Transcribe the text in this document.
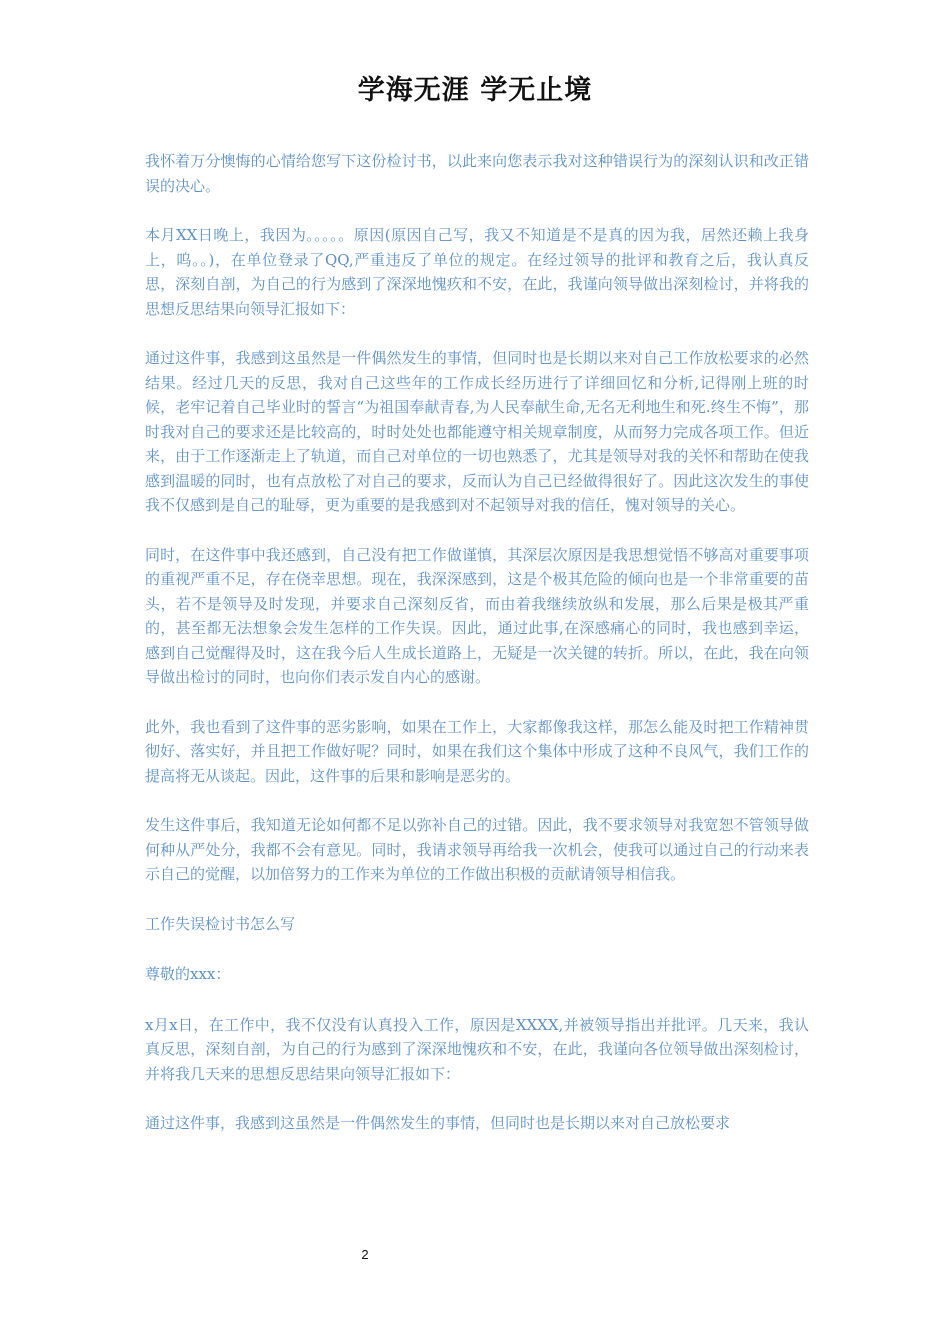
学海无涯 学无止境

我怀着万分懊悔的心情给您写下这份检讨书，以此来向您表示我对这种错误行为的深刻认识和改正错误的决心。

本月XX日晚上，我因为。。。。。原因(原因自己写，我又不知道是不是真的因为我，居然还赖上我身上，呜。。)，在单位登录了QQ,严重违反了单位的规定。在经过领导的批评和教育之后，我认真反思，深刻自剖，为自己的行为感到了深深地愧疚和不安，在此，我谨向领导做出深刻检讨，并将我的思想反思结果向领导汇报如下：

通过这件事，我感到这虽然是一件偶然发生的事情，但同时也是长期以来对自己工作放松要求的必然结果。经过几天的反思，我对自己这些年的工作成长经历进行了详细回忆和分析,记得刚上班的时候，老牢记着自己毕业时的誓言“为祖国奉献青春,为人民奉献生命,无名无利地生和死.终生不悔”，那时我对自己的要求还是比较高的，时时处处也都能遵守相关规章制度，从而努力完成各项工作。但近来，由于工作逐渐走上了轨道，而自己对单位的一切也熟悉了，尤其是领导对我的关怀和帮助在使我感到温暖的同时，也有点放松了对自己的要求，反而认为自己已经做得很好了。因此这次发生的事使我不仅感到是自己的耻辱，更为重要的是我感到对不起领导对我的信任，愧对领导的关心。

同时，在这件事中我还感到，自己没有把工作做谨慎，其深层次原因是我思想觉悟不够高对重要事项的重视严重不足，存在侥幸思想。现在，我深深感到，这是个极其危险的倾向也是一个非常重要的苗头，若不是领导及时发现，并要求自己深刻反省，而由着我继续放纵和发展，那么后果是极其严重的，甚至都无法想象会发生怎样的工作失误。因此，通过此事,在深感痛心的同时，我也感到幸运，感到自己觉醒得及时，这在我今后人生成长道路上，无疑是一次关键的转折。所以，在此，我在向领导做出检讨的同时，也向你们表示发自内心的感谢。

此外，我也看到了这件事的恶劣影响，如果在工作上，大家都像我这样，那怎么能及时把工作精神贯彻好、落实好，并且把工作做好呢？同时，如果在我们这个集体中形成了这种不良风气，我们工作的提高将无从谈起。因此，这件事的后果和影响是恶劣的。

发生这件事后，我知道无论如何都不足以弥补自己的过错。因此，我不要求领导对我宽恕不管领导做何种从严处分，我都不会有意见。同时，我请求领导再给我一次机会，使我可以通过自己的行动来表示自己的觉醒，以加倍努力的工作来为单位的工作做出积极的贡献请领导相信我。

工作失误检讨书怎么写

尊敬的xxx：

x月x日，在工作中，我不仅没有认真投入工作，原因是XXXX,并被领导指出并批评。几天来，我认真反思，深刻自剖，为自己的行为感到了深深地愧疚和不安，在此，我谨向各位领导做出深刻检讨，并将我几天来的思想反思结果向领导汇报如下：

通过这件事，我感到这虽然是一件偶然发生的事情，但同时也是长期以来对自己放松要求

2
